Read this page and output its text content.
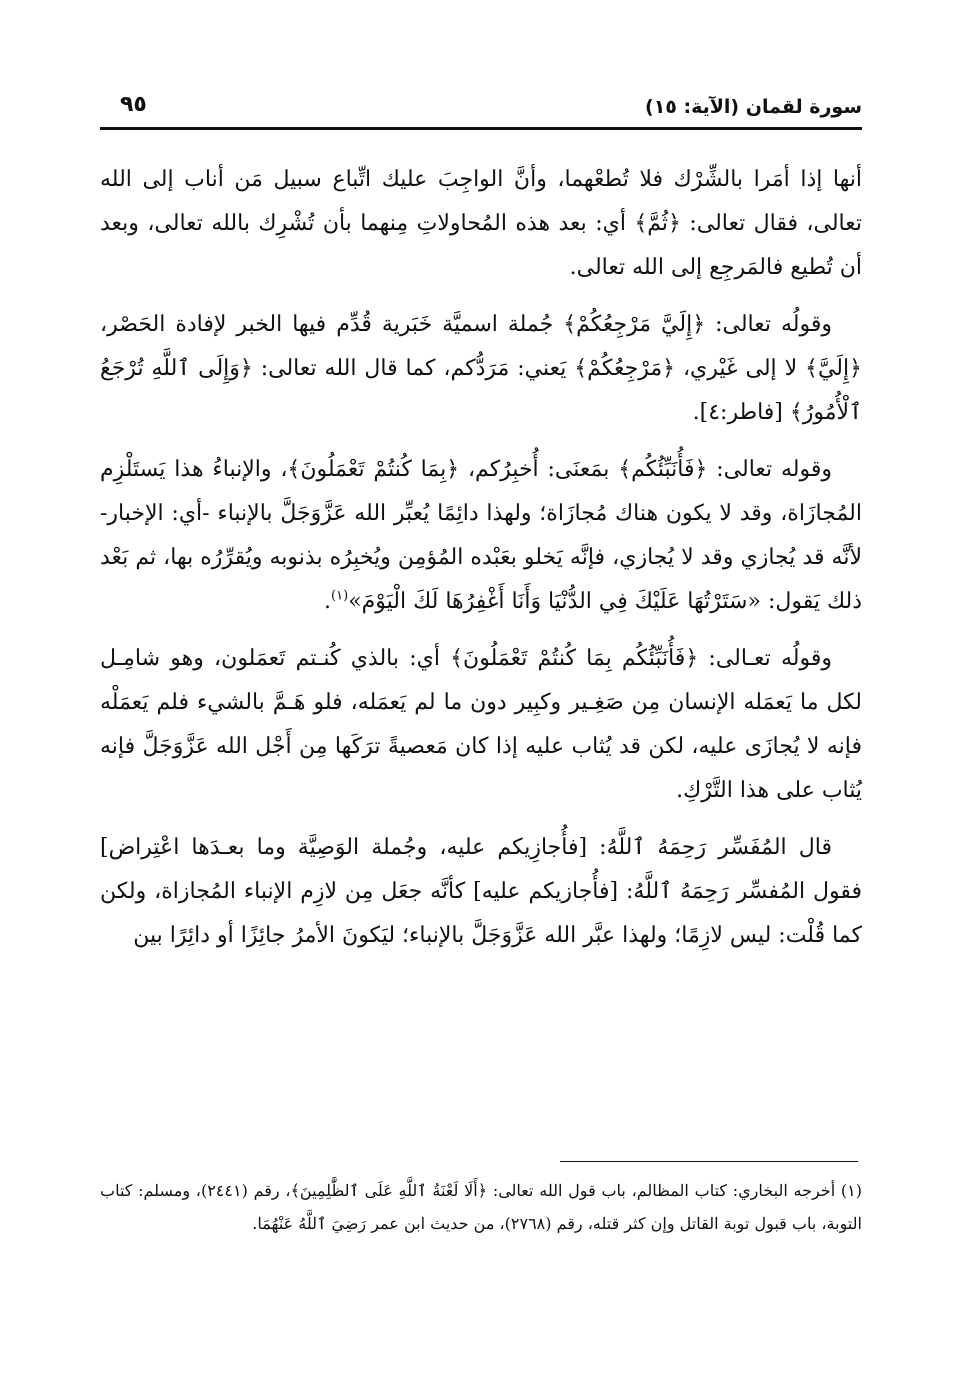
سورة لقمان (الآية: ١٥)
٩٥

أنها إذا أمَرا بالشِّرْك فلا تُطعْهما، وأنَّ الواجِبَ عليك اتِّباع سبيل مَن أناب إلى الله تعالى، فقال تعالى: ﴿ثُمَّ﴾ أي: بعد هذه المُحاولاتِ مِنهما بأن تُشْرِك بالله تعالى، وبعد أن تُطيع فالمَرجِع إلى الله تعالى.

وقولُه تعالى: ﴿إِلَيَّ مَرْجِعُكُمْ﴾ جُملة اسميَّة خَبَرية قُدِّم فيها الخبر لإفادة الحَصْر، ﴿إِلَيَّ﴾ لا إلى غَيْري، ﴿مَرْجِعُكُمْ﴾ يَعني: مَرَدُّكم، كما قال الله تعالى: ﴿وَإِلَى ٱللَّهِ تُرْجَعُ ٱلْأُمُورُ﴾ [فاطر:٤].

وقوله تعالى: ﴿فَأُنَبِّئُكُم﴾ بمَعنَى: أُخبِرُكم، ﴿بِمَا كُنتُمْ تَعْمَلُونَ﴾، والإنباءُ هذا يَستَلْزِم المُجازَاة، وقد لا يكون هناك مُجازَاة؛ ولهذا دائِمًا يُعبِّر الله عَزَّوَجَلَّ بالإنباء -أي: الإخبار- لأنَّه قد يُجازي وقد لا يُجازي، فإنَّه يَخلو بعَبْده المُؤمِن ويُخبِرُه بذنوبه ويُقرِّرُه بها، ثم بَعْد ذلك يَقول: «سَتَرْتُهَا عَلَيْكَ فِي الدُّنْيَا وَأَنَا أَغْفِرُهَا لَكَ الْيَوْمَ»$^{(١)}$.

وقولُه تعـالى: ﴿فَأُنَبِّئُكُم بِمَا كُنتُمْ تَعْمَلُونَ﴾ أي: بالذي كُنـتم تَعمَلون، وهو شامِـل لكل ما يَعمَله الإنسان مِن صَغِـير وكبِير دون ما لم يَعمَله، فلو هَـمَّ بالشيء فلم يَعمَلْه فإنه لا يُجازَى عليه، لكن قد يُثاب عليه إذا كان مَعصيةً ترَكَها مِن أَجْل الله عَزَّوَجَلَّ فإنه يُثاب على هذا التَّرْكِ.

قال المُفَسِّر رَحِمَهُ ٱللَّهُ: [فأُجازِيكم عليه، وجُملة الوَصِيَّة وما بعـدَها اعْتِراض] فقول المُفسِّر رَحِمَهُ ٱللَّهُ: [فأُجازيكم عليه] كأنَّه جعَل مِن لازِم الإنباء المُجازاة، ولكن كما قُلْت: ليس لازِمًا؛ ولهذا عبَّر الله عَزَّوَجَلَّ بالإنباء؛ ليَكونَ الأمرُ جائِزًا أو دائِرًا بين

(١) أخرجه البخاري: كتاب المظالم، باب قول الله تعالى: ﴿أَلَا لَعْنَةُ ٱللَّهِ عَلَى ٱلظَّٰلِمِينَ﴾، رقم (٢٤٤١)، ومسلم: كتاب التوبة، باب قبول توبة القاتل وإن كثر قتله، رقم (٢٧٦٨)، من حديث ابن عمر رَضِيَ ٱللَّهُ عَنْهُمَا.
